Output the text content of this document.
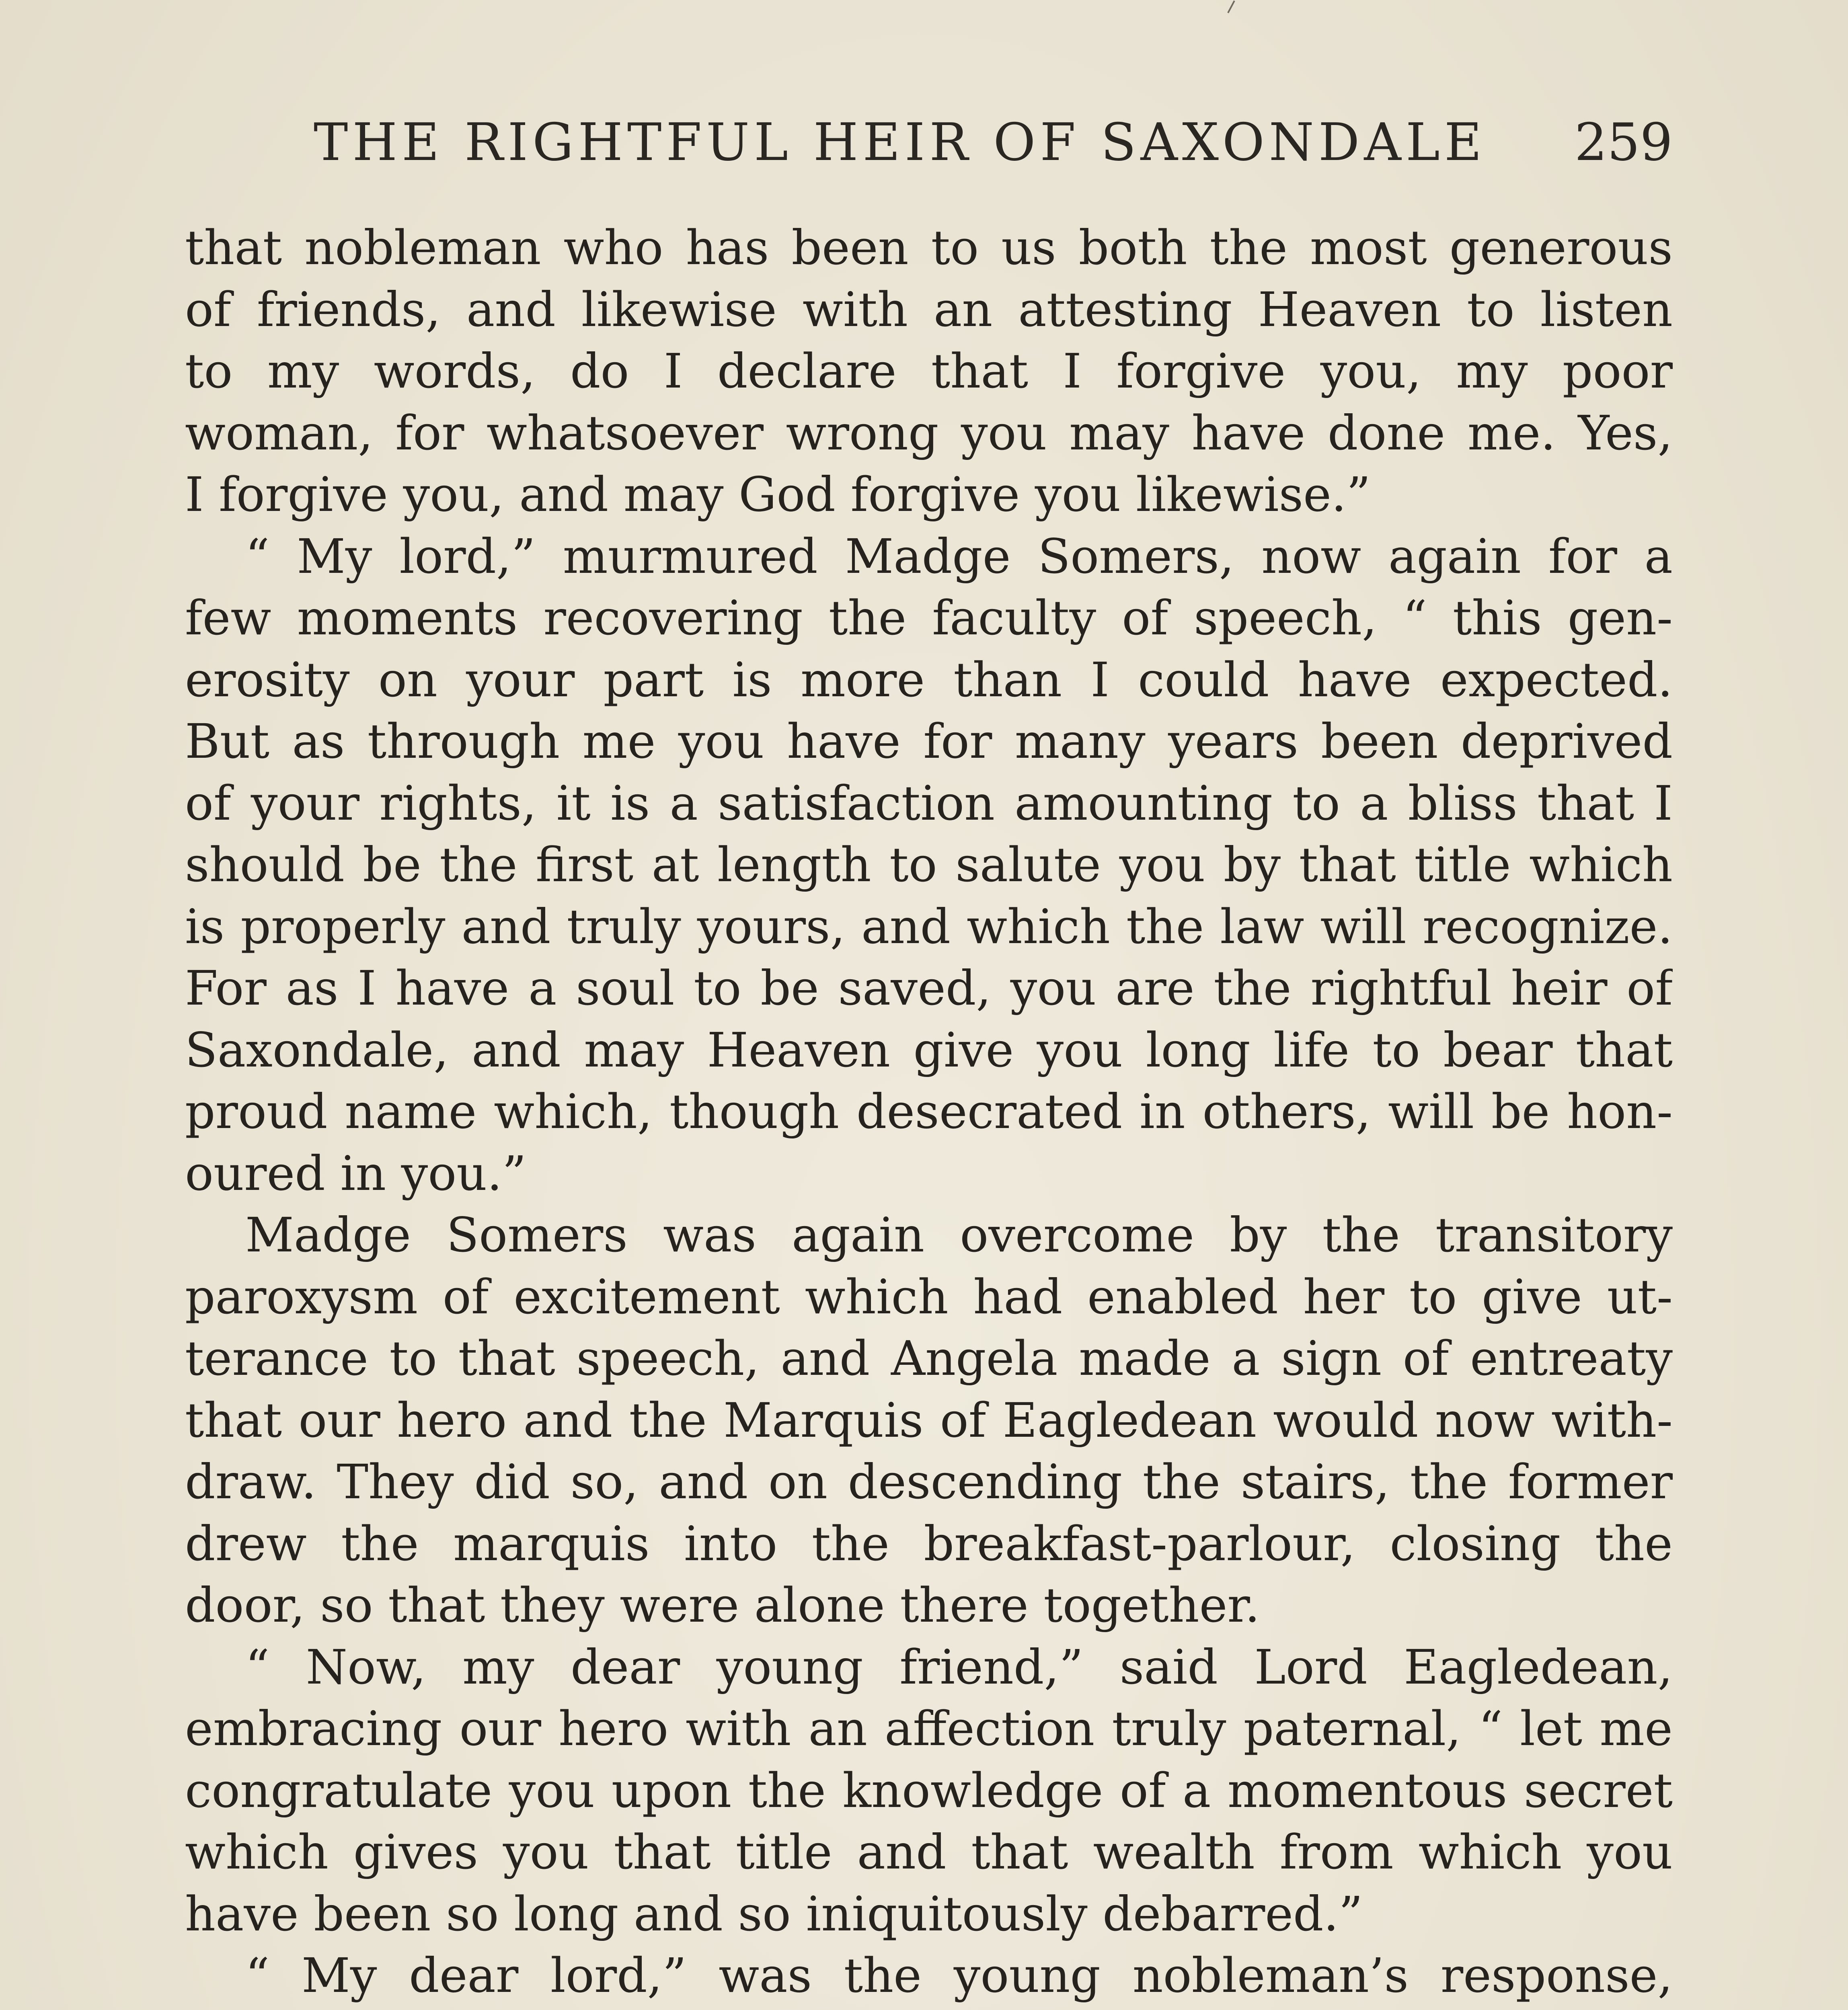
THE RIGHTFUL HEIR OF SAXONDALE 259
that nobleman who has been to us both the most generous
of friends, and likewise with an attesting Heaven to listen
to my words, do I declare that I forgive you, my poor
woman, for whatsoever wrong you may have done me. Yes,
I forgive you, and may God forgive you likewise.”
“ My lord,” murmured Madge Somers, now again for a
few moments recovering the faculty of speech, “ this gen-
erosity on your part is more than I could have expected.
But as through me you have for many years been deprived
of your rights, it is a satisfaction amounting to a bliss that I
should be the first at length to salute you by that title which
is properly and truly yours, and which the law will recognize.
For as I have a soul to be saved, you are the rightful heir of
Saxondale, and may Heaven give you long life to bear that
proud name which, though desecrated in others, will be hon-
oured in you.”
Madge Somers was again overcome by the transitory
paroxysm of excitement which had enabled her to give ut-
terance to that speech, and Angela made a sign of entreaty
that our hero and the Marquis of Eagledean would now with-
draw. They did so, and on descending the stairs, the former
drew the marquis into the breakfast-parlour, closing the
door, so that they were alone there together.
“ Now, my dear young friend,” said Lord Eagledean,
embracing our hero with an affection truly paternal, “ let me
congratulate you upon the knowledge of a momentous secret
which gives you that title and that wealth from which you
have been so long and so iniquitously debarred.”
“ My dear lord,” was the young nobleman’s response,
